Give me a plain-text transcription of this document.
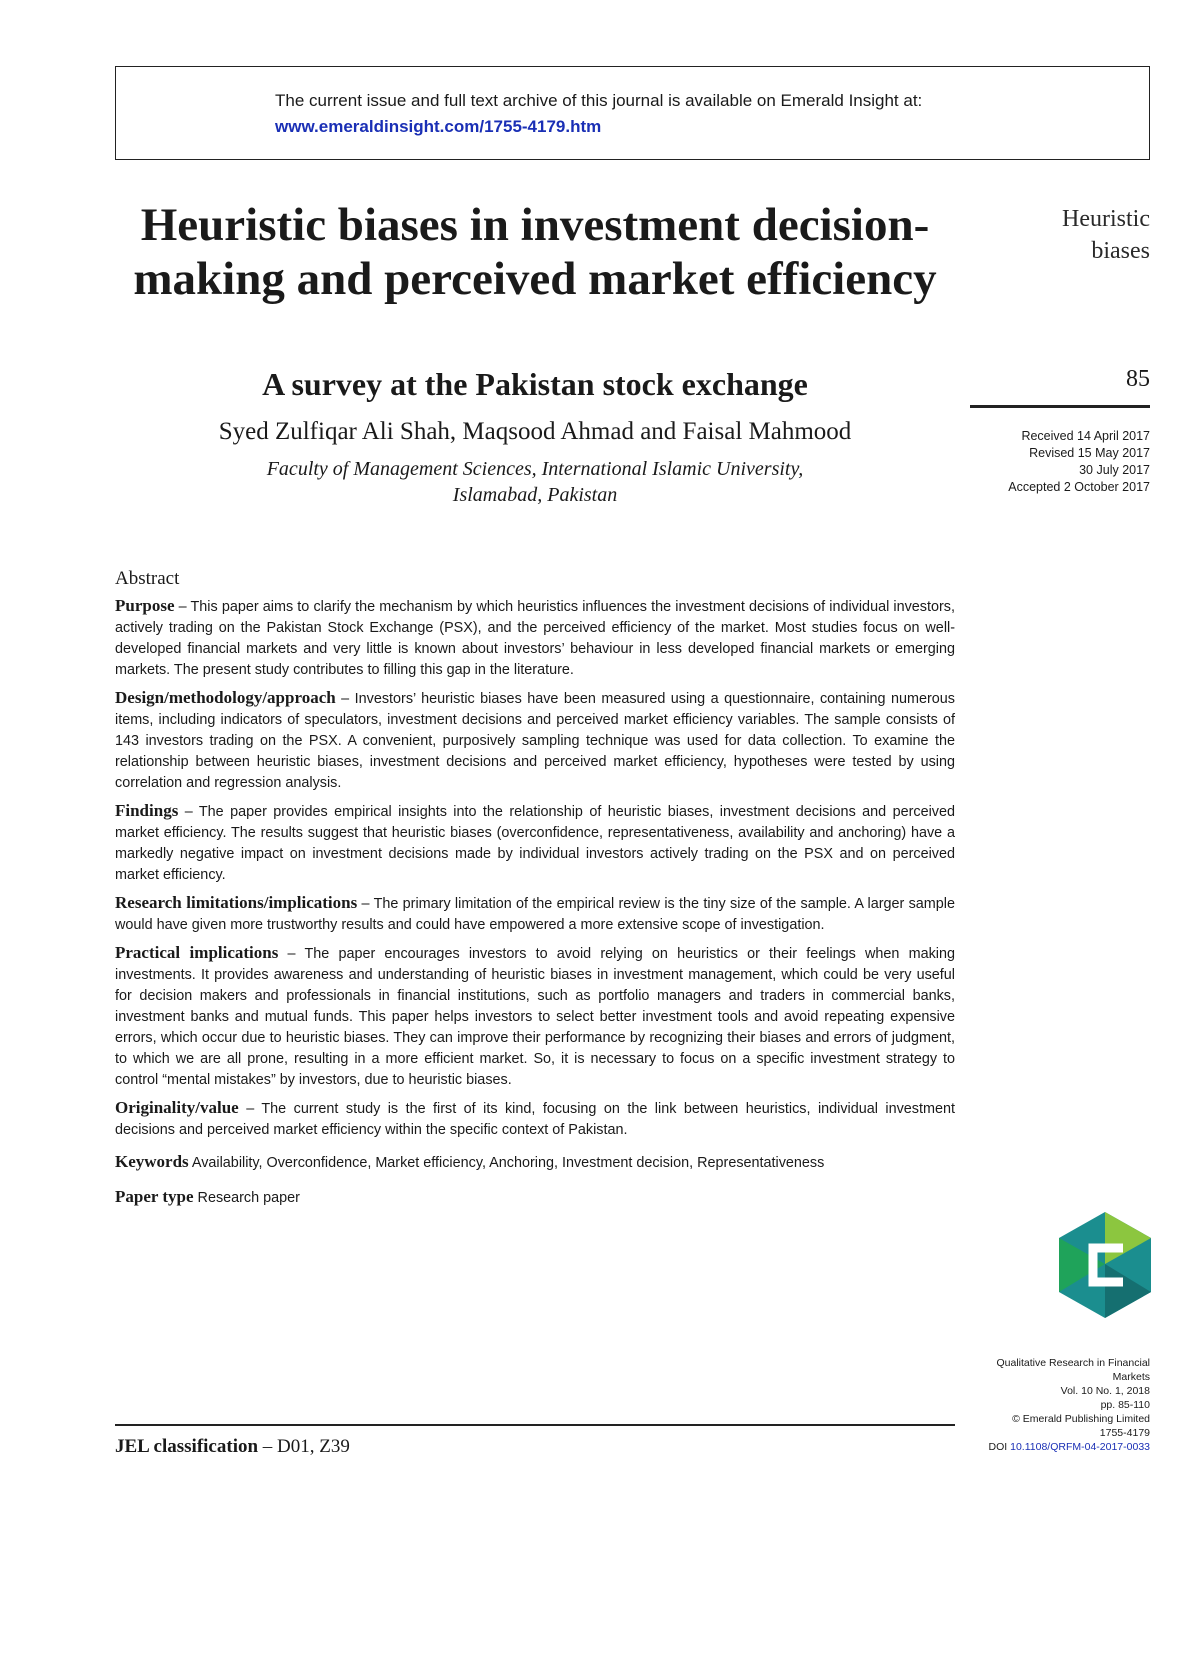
The current issue and full text archive of this journal is available on Emerald Insight at:
www.emeraldinsight.com/1755-4179.htm
Heuristic biases in investment decision-making and perceived market efficiency
A survey at the Pakistan stock exchange
Syed Zulfiqar Ali Shah, Maqsood Ahmad and Faisal Mahmood
Faculty of Management Sciences, International Islamic University,
Islamabad, Pakistan
Heuristic
biases
85
Received 14 April 2017
Revised 15 May 2017
30 July 2017
Accepted 2 October 2017
Abstract

Purpose – This paper aims to clarify the mechanism by which heuristics influences the investment decisions of individual investors, actively trading on the Pakistan Stock Exchange (PSX), and the perceived efficiency of the market. Most studies focus on well-developed financial markets and very little is known about investors’ behaviour in less developed financial markets or emerging markets. The present study contributes to filling this gap in the literature.

Design/methodology/approach – Investors’ heuristic biases have been measured using a questionnaire, containing numerous items, including indicators of speculators, investment decisions and perceived market efficiency variables. The sample consists of 143 investors trading on the PSX. A convenient, purposively sampling technique was used for data collection. To examine the relationship between heuristic biases, investment decisions and perceived market efficiency, hypotheses were tested by using correlation and regression analysis.

Findings – The paper provides empirical insights into the relationship of heuristic biases, investment decisions and perceived market efficiency. The results suggest that heuristic biases (overconfidence, representativeness, availability and anchoring) have a markedly negative impact on investment decisions made by individual investors actively trading on the PSX and on perceived market efficiency.

Research limitations/implications – The primary limitation of the empirical review is the tiny size of the sample. A larger sample would have given more trustworthy results and could have empowered a more extensive scope of investigation.

Practical implications – The paper encourages investors to avoid relying on heuristics or their feelings when making investments. It provides awareness and understanding of heuristic biases in investment management, which could be very useful for decision makers and professionals in financial institutions, such as portfolio managers and traders in commercial banks, investment banks and mutual funds. This paper helps investors to select better investment tools and avoid repeating expensive errors, which occur due to heuristic biases. They can improve their performance by recognizing their biases and errors of judgment, to which we are all prone, resulting in a more efficient market. So, it is necessary to focus on a specific investment strategy to control “mental mistakes” by investors, due to heuristic biases.

Originality/value – The current study is the first of its kind, focusing on the link between heuristics, individual investment decisions and perceived market efficiency within the specific context of Pakistan.

Keywords Availability, Overconfidence, Market efficiency, Anchoring, Investment decision, Representativeness

Paper type Research paper

Qualitative Research in Financial
Markets
Vol. 10 No. 1, 2018
pp. 85-110
© Emerald Publishing Limited
1755-4179
DOI 10.1108/QRFM-04-2017-0033
JEL classification – D01, Z39
